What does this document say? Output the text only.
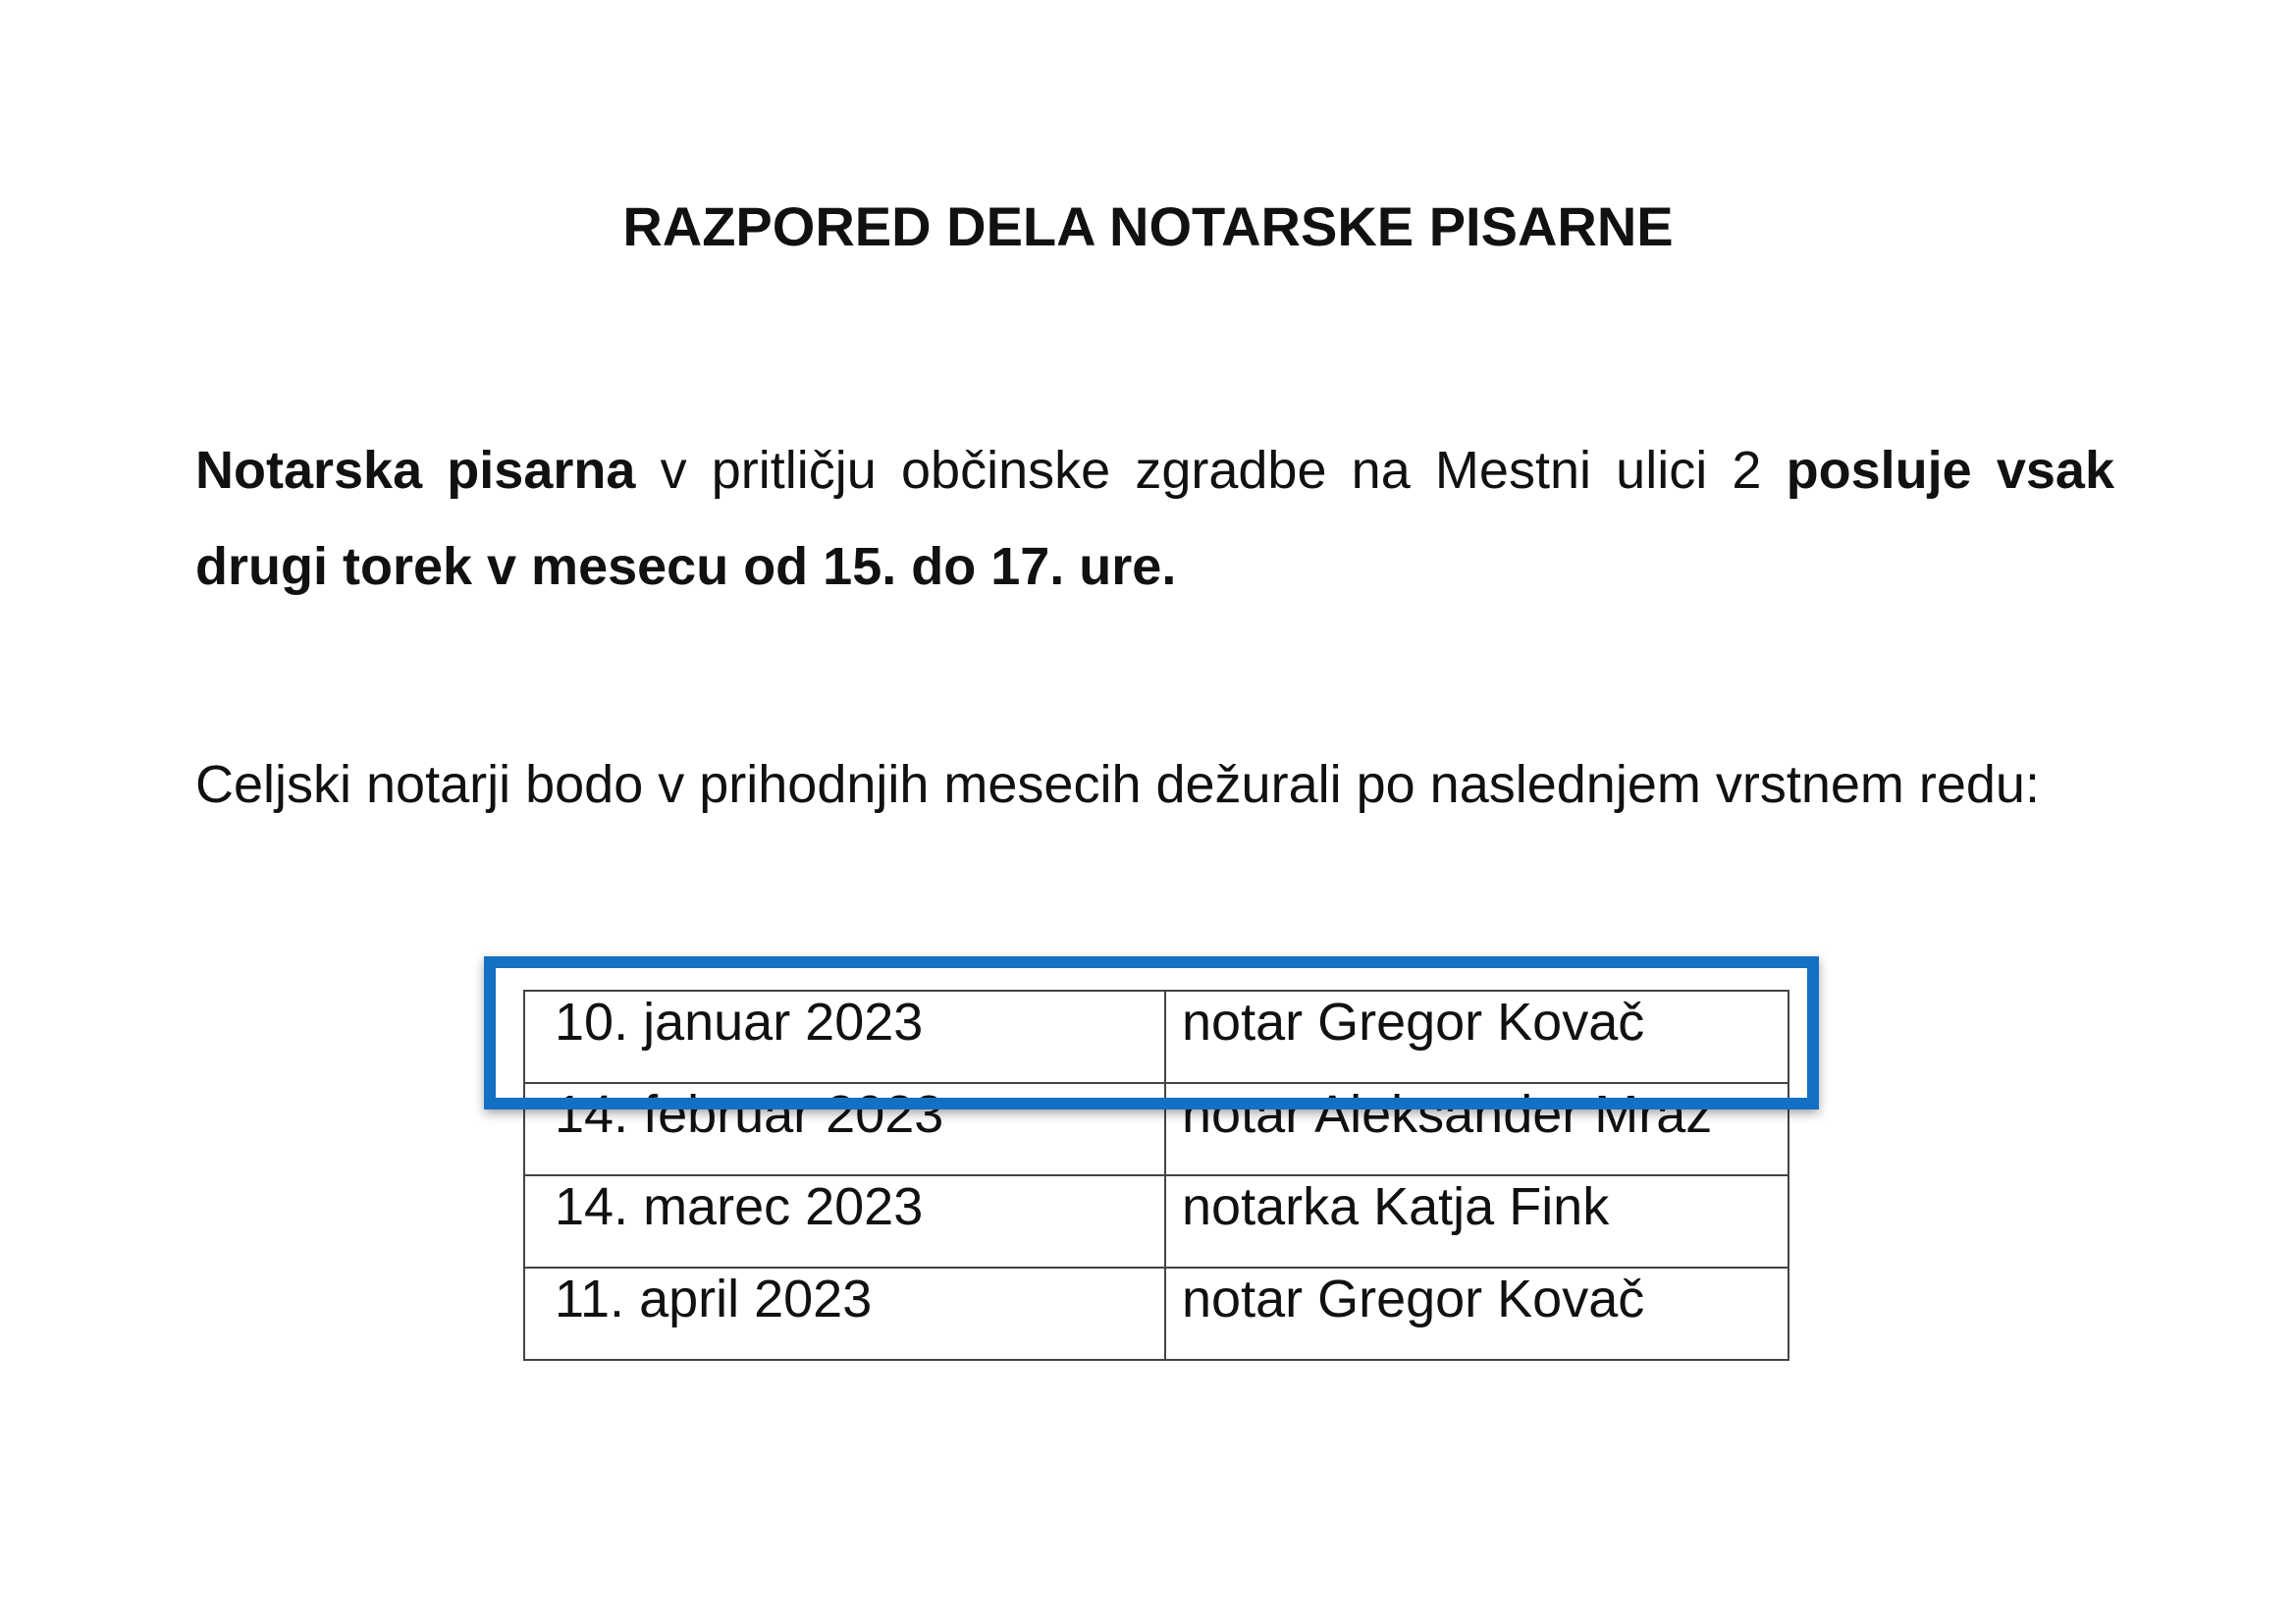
RAZPORED DELA NOTARSKE PISARNE

Notarska pisarna v pritličju občinske zgradbe na Mestni ulici 2 posluje vsak drugi torek v mesecu od 15. do 17. ure.

Celjski notarji bodo v prihodnjih mesecih dežurali po naslednjem vrstnem redu:

10. januar 2023	notar Gregor Kovač
14. februar 2023	notar Aleksander Mraz
14. marec 2023	notarka Katja Fink
11. april 2023	notar Gregor Kovač
